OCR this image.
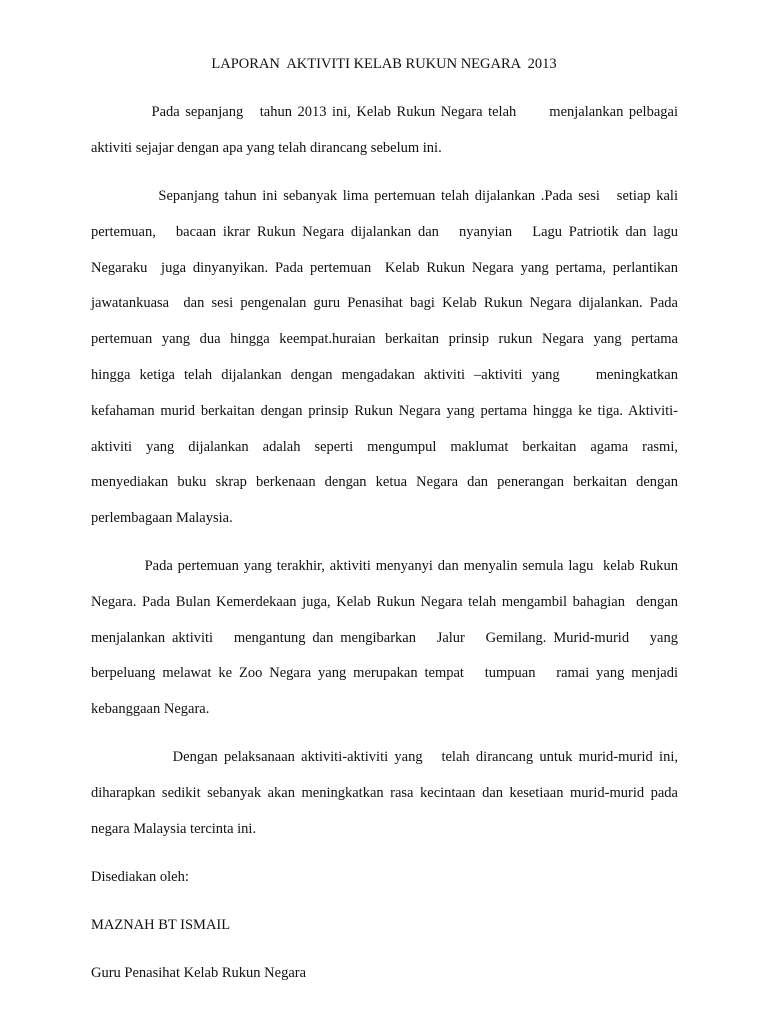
LAPORAN  AKTIVITI KELAB RUKUN NEGARA  2013
Pada sepanjang   tahun 2013 ini, Kelab Rukun Negara telah      menjalankan pelbagai
aktiviti sejajar dengan apa yang telah dirancang sebelum ini.
Sepanjang tahun ini sebanyak lima pertemuan telah dijalankan .Pada sesi   setiap kali
pertemuan,   bacaan ikrar Rukun Negara dijalankan dan   nyanyian   Lagu Patriotik dan lagu
Negaraku  juga dinyanyikan. Pada pertemuan  Kelab Rukun Negara yang pertama, perlantikan
jawatankuasa  dan sesi pengenalan guru Penasihat bagi Kelab Rukun Negara dijalankan. Pada
pertemuan yang dua hingga keempat.huraian berkaitan prinsip rukun Negara yang pertama
hingga ketiga telah dijalankan dengan mengadakan aktiviti –aktiviti yang    meningkatkan
kefahaman murid berkaitan dengan prinsip Rukun Negara yang pertama hingga ke tiga. Aktiviti-
aktiviti yang dijalankan adalah seperti mengumpul maklumat berkaitan agama rasmi,
menyediakan buku skrap berkenaan dengan ketua Negara dan penerangan berkaitan dengan
perlembagaan Malaysia.
Pada pertemuan yang terakhir, aktiviti menyanyi dan menyalin semula lagu  kelab Rukun
Negara. Pada Bulan Kemerdekaan juga, Kelab Rukun Negara telah mengambil bahagian  dengan
menjalankan aktiviti   mengantung dan mengibarkan   Jalur   Gemilang. Murid-murid   yang
berpeluang melawat ke Zoo Negara yang merupakan tempat   tumpuan   ramai yang menjadi
kebanggaan Negara.
Dengan pelaksanaan aktiviti-aktiviti yang   telah dirancang untuk murid-murid ini,
diharapkan sedikit sebanyak akan meningkatkan rasa kecintaan dan kesetiaan murid-murid pada
negara Malaysia tercinta ini.
Disediakan oleh:
MAZNAH BT ISMAIL
Guru Penasihat Kelab Rukun Negara
